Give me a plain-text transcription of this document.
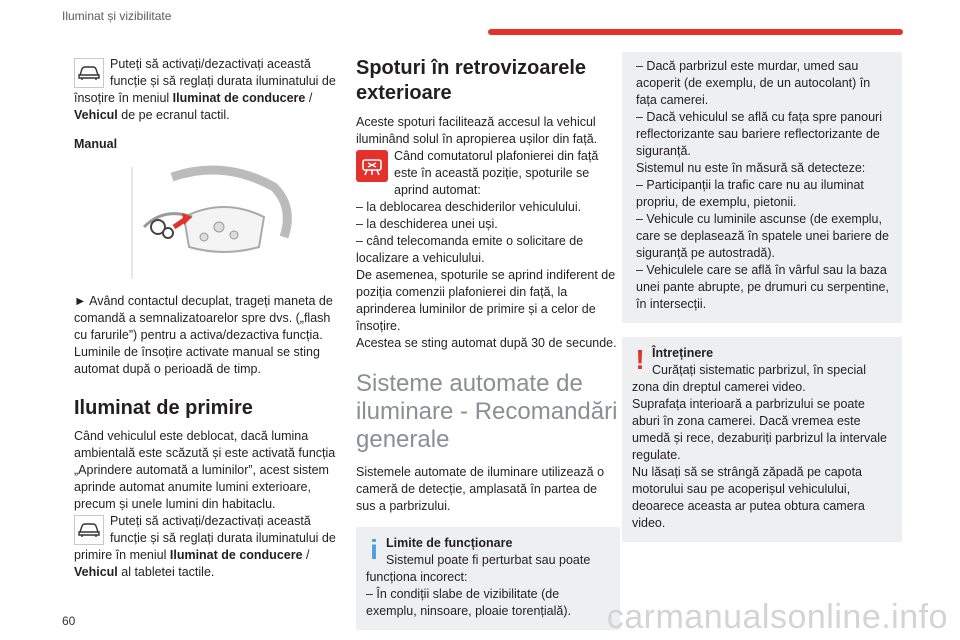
Iluminat și vizibilitate
Puteți să activați/dezactivați această funcție și să reglați durata iluminatului de însoțire în meniul Iluminat de conducere / Vehicul de pe ecranul tactil.

Manual

► Având contactul decuplat, trageți maneta de comandă a semnalizatoarelor spre dvs. („flash cu farurile”) pentru a activa/dezactiva funcția.

Luminile de însoțire activate manual se sting automat după o perioadă de timp.

Iluminat de primire

Când vehiculul este deblocat, dacă lumina ambientală este scăzută și este activată funcția „Aprindere automată a luminilor”, acest sistem aprinde automat anumite lumini exterioare, precum și unele lumini din habitaclu.

Puteți să activați/dezactivați această funcție și să reglați durata iluminatului de primire în meniul Iluminat de conducere / Vehicul al tabletei tactile.
Spoturi în retrovizoarele exterioare

Aceste spoturi facilitează accesul la vehicul iluminând solul în apropierea ușilor din față.

Când comutatorul plafonierei din față este în această poziție, spoturile se aprind automat:

– la deblocarea deschiderilor vehiculului.

– la deschiderea unei uși.

– când telecomanda emite o solicitare de localizare a vehiculului.

De asemenea, spoturile se aprind indiferent de poziția comenzii plafonierei din față, la aprinderea luminilor de primire și a celor de însoțire.

Acestea se sting automat după 30 de secunde.

Sisteme automate de iluminare - Recomandări generale

Sistemele automate de iluminare utilizează o cameră de detecție, amplasată în partea de sus a parbrizului.

i Limite de funcționare

Sistemul poate fi perturbat sau poate funcționa incorect:

– În condiții slabe de vizibilitate (de exemplu, ninsoare, ploaie torențială).

– Dacă parbrizul este murdar, umed sau acoperit (de exemplu, de un autocolant) în fața camerei.

– Dacă vehiculul se află cu fața spre panouri reflectorizante sau bariere reflectorizante de siguranță.

Sistemul nu este în măsură să detecteze:

– Participanții la trafic care nu au iluminat propriu, de exemplu, pietonii.

– Vehicule cu luminile ascunse (de exemplu, care se deplasează în spatele unei bariere de siguranță pe autostradă).

– Vehiculele care se află în vârful sau la baza unei pante abrupte, pe drumuri cu serpentine, în intersecții.

! Întreținere

Curățați sistematic parbrizul, în special zona din dreptul camerei video.

Suprafața interioară a parbrizului se poate aburi în zona camerei. Dacă vremea este umedă și rece, dezaburiți parbrizul la intervale regulate.

Nu lăsați să se strângă zăpadă pe capota motorului sau pe acoperișul vehiculului, deoarece aceasta ar putea obtura camera video.

60	carmanualsonline.info
